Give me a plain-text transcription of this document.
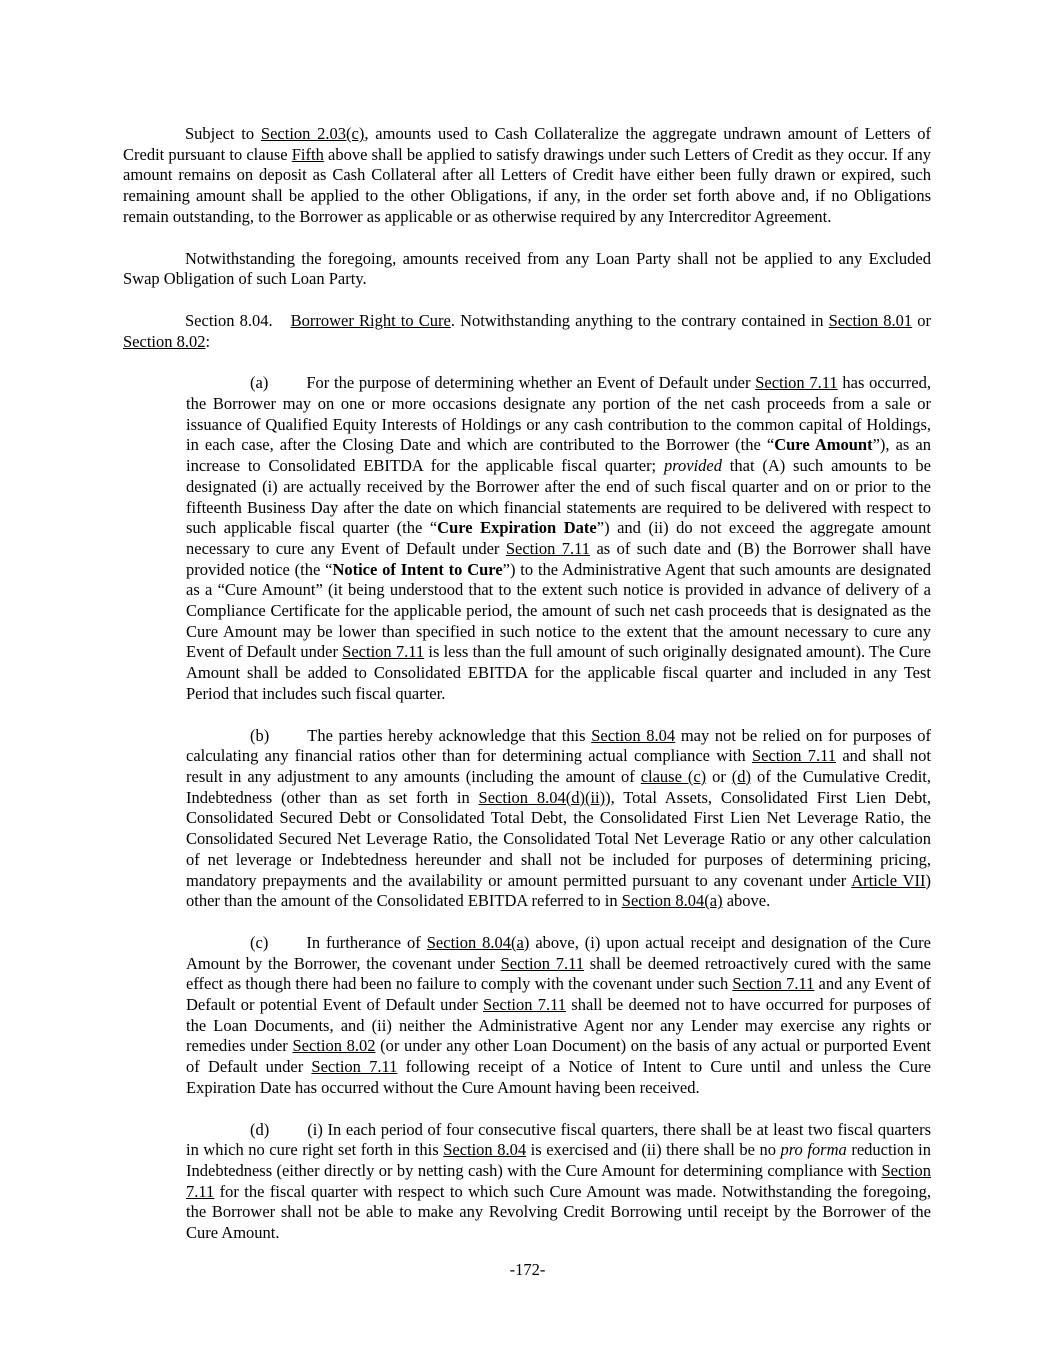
Subject to Section 2.03(c), amounts used to Cash Collateralize the aggregate undrawn amount of Letters of Credit pursuant to clause Fifth above shall be applied to satisfy drawings under such Letters of Credit as they occur. If any amount remains on deposit as Cash Collateral after all Letters of Credit have either been fully drawn or expired, such remaining amount shall be applied to the other Obligations, if any, in the order set forth above and, if no Obligations remain outstanding, to the Borrower as applicable or as otherwise required by any Intercreditor Agreement.

Notwithstanding the foregoing, amounts received from any Loan Party shall not be applied to any Excluded Swap Obligation of such Loan Party.

Section 8.04. Borrower Right to Cure. Notwithstanding anything to the contrary contained in Section 8.01 or Section 8.02:

(a) For the purpose of determining whether an Event of Default under Section 7.11 has occurred, the Borrower may on one or more occasions designate any portion of the net cash proceeds from a sale or issuance of Qualified Equity Interests of Holdings or any cash contribution to the common capital of Holdings, in each case, after the Closing Date and which are contributed to the Borrower (the “Cure Amount”), as an increase to Consolidated EBITDA for the applicable fiscal quarter; provided that (A) such amounts to be designated (i) are actually received by the Borrower after the end of such fiscal quarter and on or prior to the fifteenth Business Day after the date on which financial statements are required to be delivered with respect to such applicable fiscal quarter (the “Cure Expiration Date”) and (ii) do not exceed the aggregate amount necessary to cure any Event of Default under Section 7.11 as of such date and (B) the Borrower shall have provided notice (the “Notice of Intent to Cure”) to the Administrative Agent that such amounts are designated as a “Cure Amount” (it being understood that to the extent such notice is provided in advance of delivery of a Compliance Certificate for the applicable period, the amount of such net cash proceeds that is designated as the Cure Amount may be lower than specified in such notice to the extent that the amount necessary to cure any Event of Default under Section 7.11 is less than the full amount of such originally designated amount). The Cure Amount shall be added to Consolidated EBITDA for the applicable fiscal quarter and included in any Test Period that includes such fiscal quarter.

(b) The parties hereby acknowledge that this Section 8.04 may not be relied on for purposes of calculating any financial ratios other than for determining actual compliance with Section 7.11 and shall not result in any adjustment to any amounts (including the amount of clause (c) or (d) of the Cumulative Credit, Indebtedness (other than as set forth in Section 8.04(d)(ii)), Total Assets, Consolidated First Lien Debt, Consolidated Secured Debt or Consolidated Total Debt, the Consolidated First Lien Net Leverage Ratio, the Consolidated Secured Net Leverage Ratio, the Consolidated Total Net Leverage Ratio or any other calculation of net leverage or Indebtedness hereunder and shall not be included for purposes of determining pricing, mandatory prepayments and the availability or amount permitted pursuant to any covenant under Article VII) other than the amount of the Consolidated EBITDA referred to in Section 8.04(a) above.

(c) In furtherance of Section 8.04(a) above, (i) upon actual receipt and designation of the Cure Amount by the Borrower, the covenant under Section 7.11 shall be deemed retroactively cured with the same effect as though there had been no failure to comply with the covenant under such Section 7.11 and any Event of Default or potential Event of Default under Section 7.11 shall be deemed not to have occurred for purposes of the Loan Documents, and (ii) neither the Administrative Agent nor any Lender may exercise any rights or remedies under Section 8.02 (or under any other Loan Document) on the basis of any actual or purported Event of Default under Section 7.11 following receipt of a Notice of Intent to Cure until and unless the Cure Expiration Date has occurred without the Cure Amount having been received.

(d) (i) In each period of four consecutive fiscal quarters, there shall be at least two fiscal quarters in which no cure right set forth in this Section 8.04 is exercised and (ii) there shall be no pro forma reduction in Indebtedness (either directly or by netting cash) with the Cure Amount for determining compliance with Section 7.11 for the fiscal quarter with respect to which such Cure Amount was made. Notwithstanding the foregoing, the Borrower shall not be able to make any Revolving Credit Borrowing until receipt by the Borrower of the Cure Amount.

-172-
